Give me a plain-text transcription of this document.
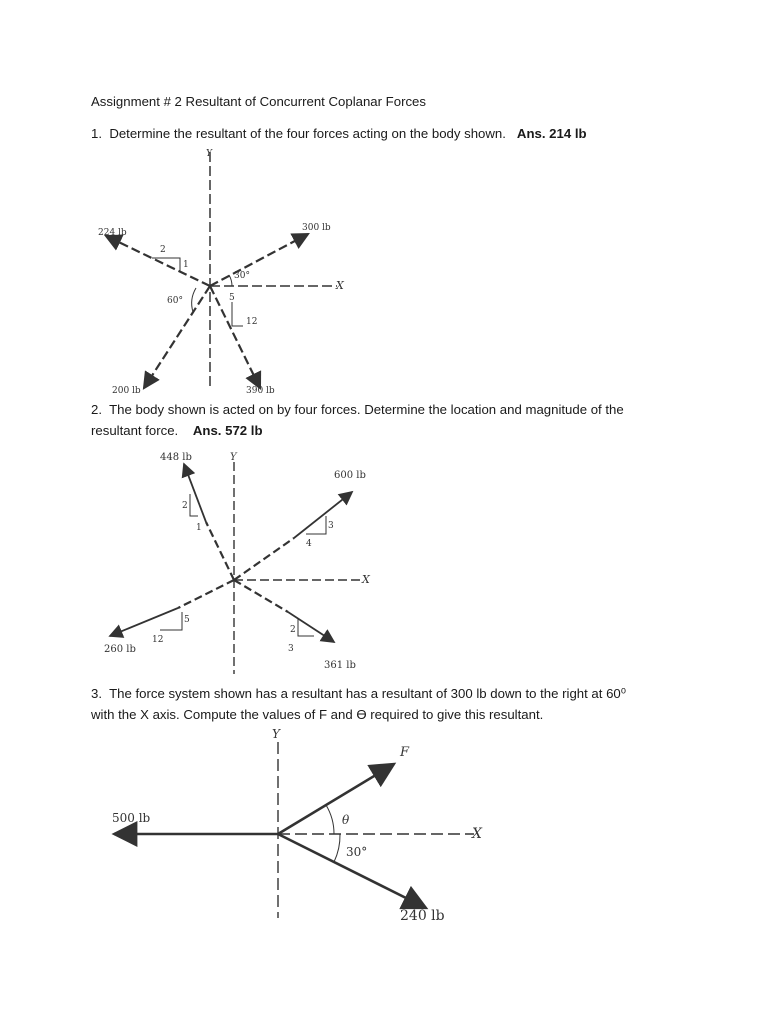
Assignment # 2 Resultant of Concurrent Coplanar Forces
1. Determine the resultant of the four forces acting on the body shown. Ans. 214 lb
Y
X
224 lb	300 lb
200 lb	390 lb
2
1
5
12
30°
60°
2. The body shown is acted on by four forces. Determine the location and magnitude of the
resultant force. Ans. 572 lb
Y
X
448 lb
600 lb
260 lb
361 lb
2
1	3
4
5
12
2
3
3. The force system shown has a resultant has a resultant of 300 lb down to the right at 60⁰
with the X axis. Compute the values of F and ϴ required to give this resultant.
Y
X
F
500 lb
240 lb
θ
30°
